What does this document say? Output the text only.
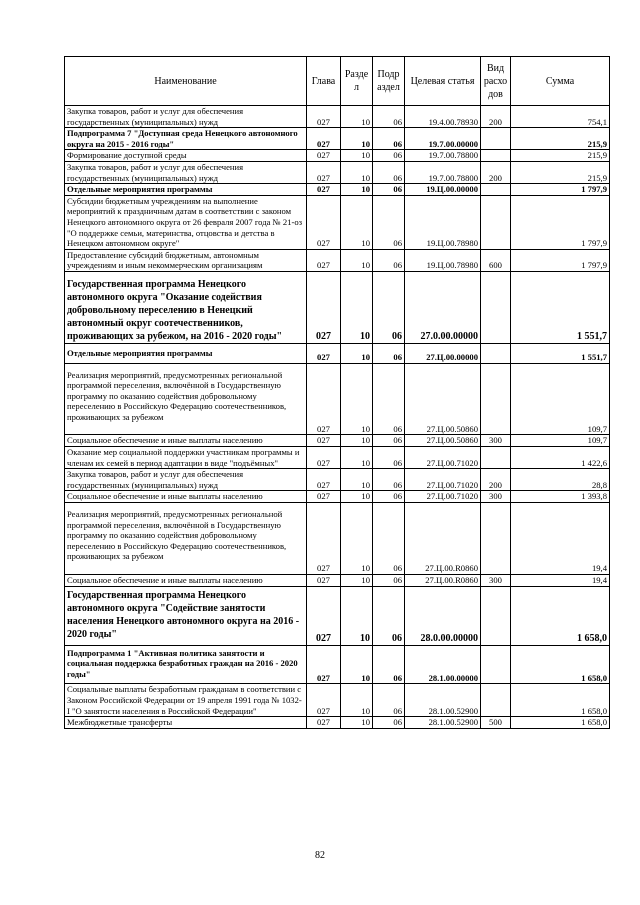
Наименование	Глава	Разде л	Подр аздел	Целевая статья	Вид расхо дов	Сумма
Закупка товаров, работ и услуг для обеспечения государственных (муниципальных) нужд	027	10	06	19.4.00.78930	200	754,1
Подпрограмма 7 "Доступная среда Ненецкого автономного округа на 2015 - 2016 годы"	027	10	06	19.7.00.00000		215,9
Формирование доступной среды	027	10	06	19.7.00.78800		215,9
Закупка товаров, работ и услуг для обеспечения государственных (муниципальных) нужд	027	10	06	19.7.00.78800	200	215,9
Отдельные мероприятия программы	027	10	06	19.Ц.00.00000		1 797,9
Субсидии бюджетным учреждениям на выполнение мероприятий к праздничным датам в соответствии с законом Ненецкого автономного округа от 26 февраля 2007 года № 21-оз "О поддержке семьи, материнства, отцовства и детства в Ненецком автономном округе"	027	10	06	19.Ц.00.78980		1 797,9
Предоставление субсидий бюджетным, автономным учреждениям и иным некоммерческим организациям	027	10	06	19.Ц.00.78980	600	1 797,9
Государственная программа Ненецкого автономного округа "Оказание содействия добровольному переселению в Ненецкий автономный округ соотечественников, проживающих за рубежом, на 2016 - 2020 годы"	027	10	06	27.0.00.00000		1 551,7
Отдельные мероприятия программы	027	10	06	27.Ц.00.00000		1 551,7
Реализация мероприятий, предусмотренных региональной программой переселения, включённой в Государственную программу по оказанию содействия добровольному переселению в Российскую Федерацию соотечественников, проживающих за рубежом	027	10	06	27.Ц.00.50860		109,7
Социальное обеспечение и иные выплаты населению	027	10	06	27.Ц.00.50860	300	109,7
Оказание мер социальной поддержки участникам программы и членам их семей в период адаптации в виде "подъёмных"	027	10	06	27.Ц.00.71020		1 422,6
Закупка товаров, работ и услуг для обеспечения государственных (муниципальных) нужд	027	10	06	27.Ц.00.71020	200	28,8
Социальное обеспечение и иные выплаты населению	027	10	06	27.Ц.00.71020	300	1 393,8
Реализация мероприятий, предусмотренных региональной программой переселения, включённой в Государственную программу по оказанию содействия добровольному переселению в Российскую Федерацию соотечественников, проживающих за рубежом	027	10	06	27.Ц.00.R0860		19,4
Социальное обеспечение и иные выплаты населению	027	10	06	27.Ц.00.R0860	300	19,4
Государственная программа Ненецкого автономного округа "Содействие занятости населения Ненецкого автономного округа на 2016 - 2020 годы"	027	10	06	28.0.00.00000		1 658,0
Подпрограмма 1 "Активная политика занятости и социальная поддержка безработных граждан на 2016 - 2020 годы"	027	10	06	28.1.00.00000		1 658,0
Социальные выплаты безработным гражданам в соответствии с Законом Российской Федерации от 19 апреля 1991 года № 1032-I "О занятости населения в Российской Федерации"	027	10	06	28.1.00.52900		1 658,0
Межбюджетные трансферты	027	10	06	28.1.00.52900	500	1 658,0
82
